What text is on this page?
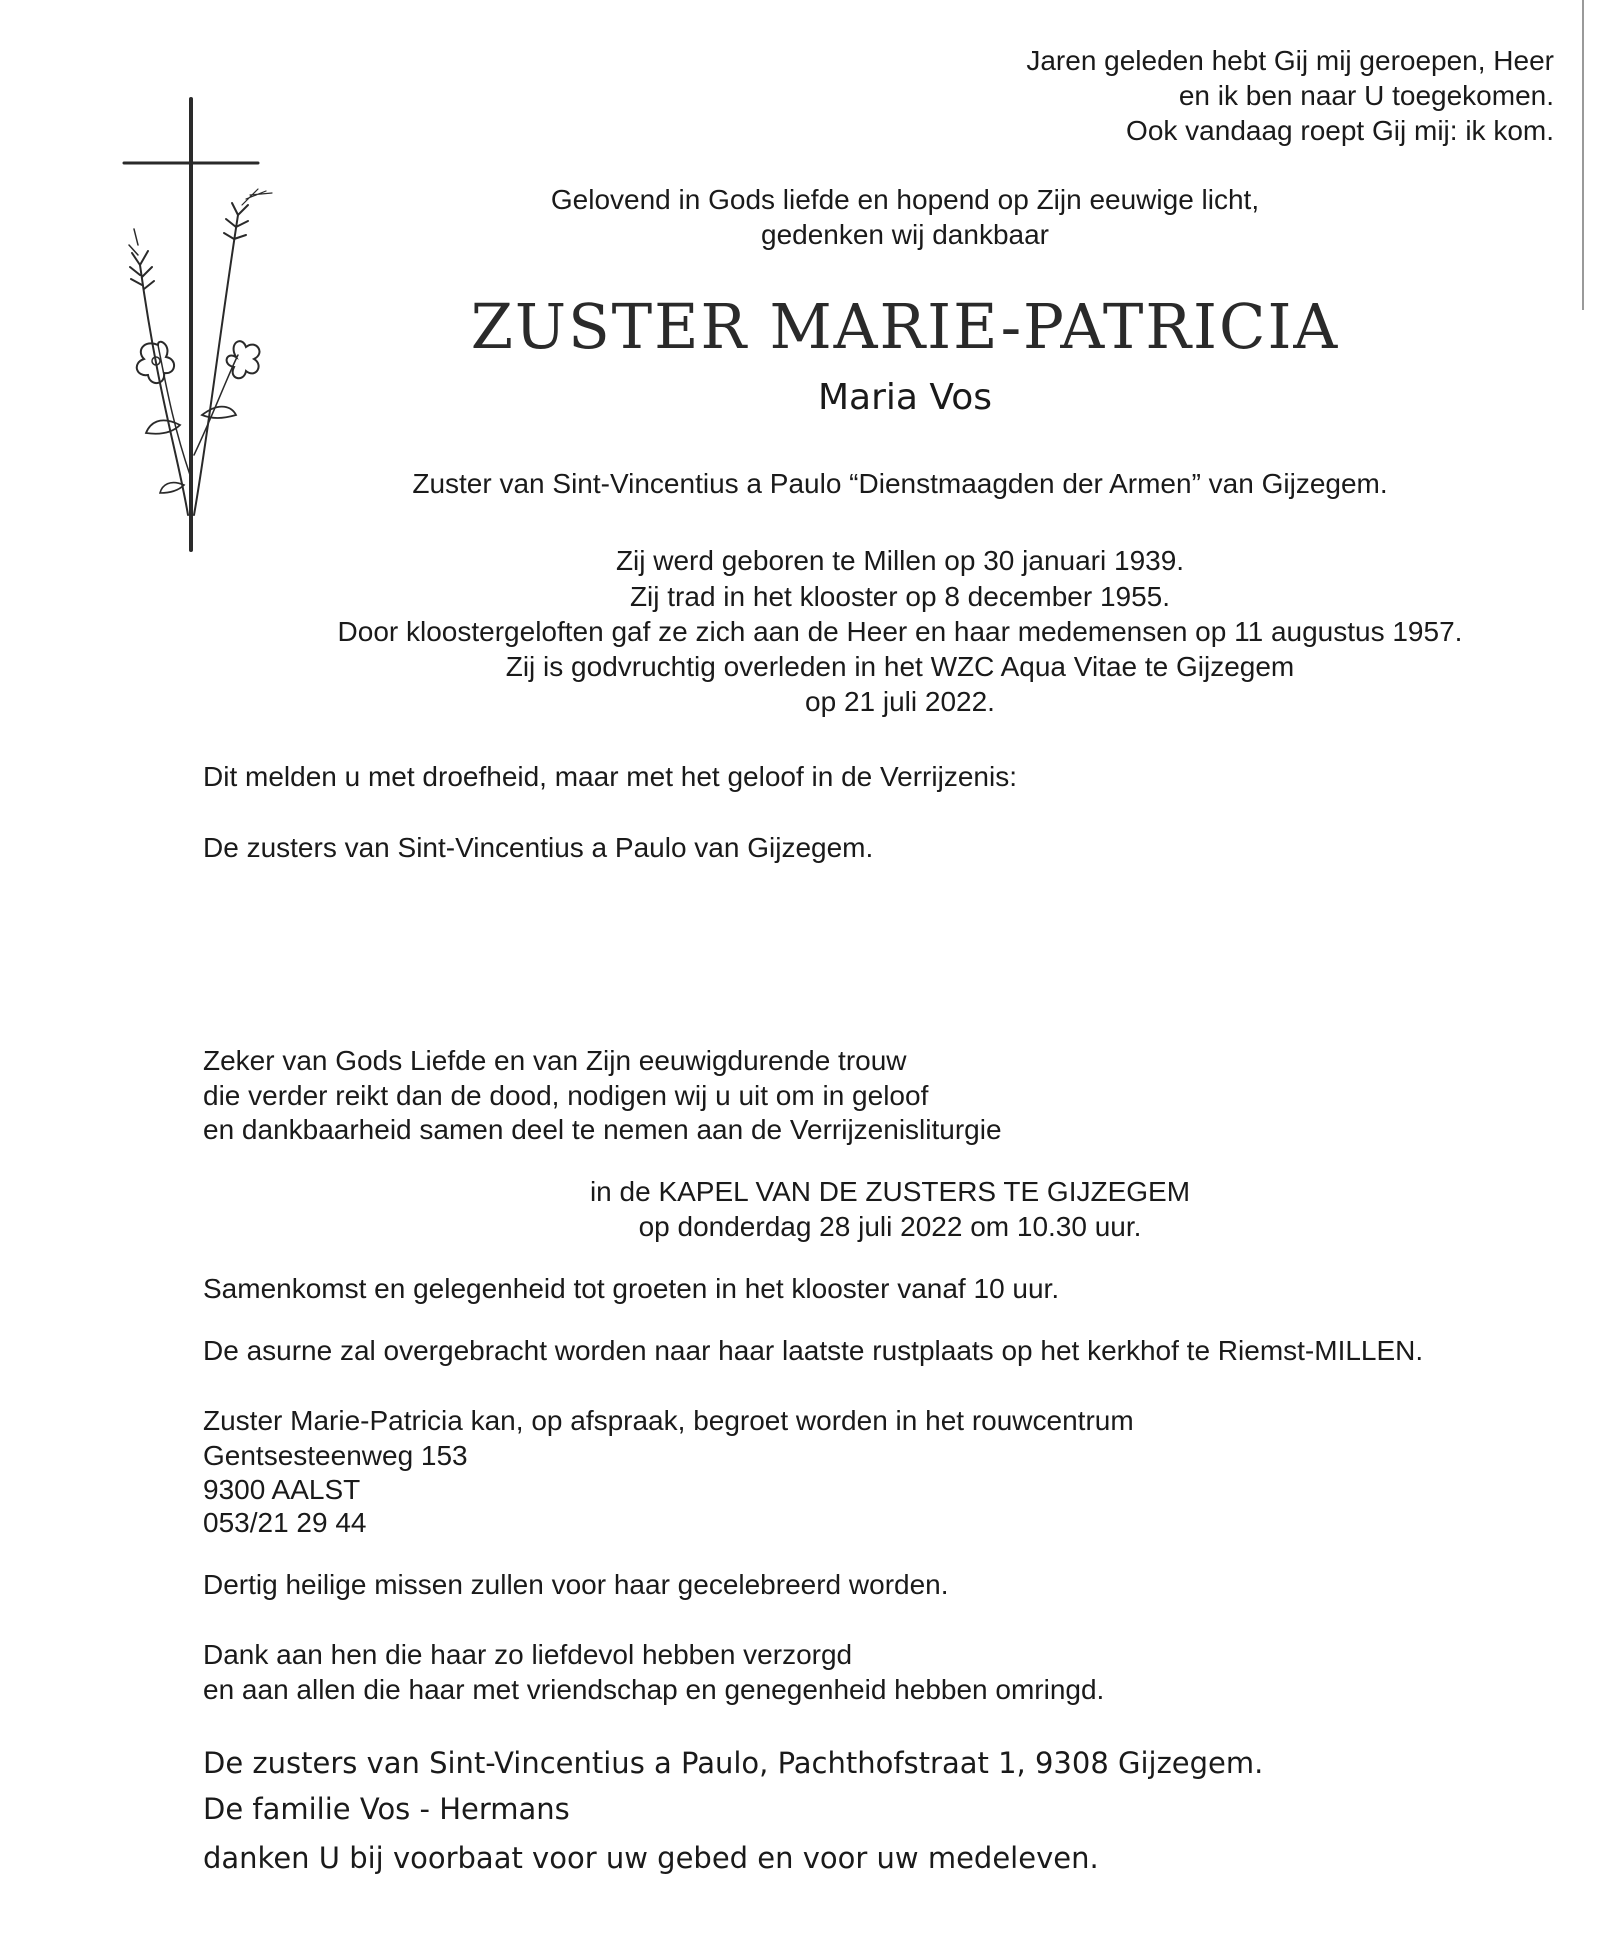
Jaren geleden hebt Gij mij geroepen, Heer
en ik ben naar U toegekomen.
Ook vandaag roept Gij mij: ik kom.
Gelovend in Gods liefde en hopend op Zijn eeuwige licht,
gedenken wij dankbaar
ZUSTER MARIE-PATRICIA
Maria Vos
Zuster van Sint-Vincentius a Paulo “Dienstmaagden der Armen” van Gijzegem.
Zij werd geboren te Millen op 30 januari 1939.
Zij trad in het klooster op 8 december 1955.
Door kloostergeloften gaf ze zich aan de Heer en haar medemensen op 11 augustus 1957.
Zij is godvruchtig overleden in het WZC Aqua Vitae te Gijzegem
op 21 juli 2022.
Dit melden u met droefheid, maar met het geloof in de Verrijzenis:
De zusters van Sint-Vincentius a Paulo van Gijzegem.
Zeker van Gods Liefde en van Zijn eeuwigdurende trouw
die verder reikt dan de dood, nodigen wij u uit om in geloof
en dankbaarheid samen deel te nemen aan de Verrijzenisliturgie
in de KAPEL VAN DE ZUSTERS TE GIJZEGEM
op donderdag 28 juli 2022 om 10.30 uur.
Samenkomst en gelegenheid tot groeten in het klooster vanaf 10 uur.
De asurne zal overgebracht worden naar haar laatste rustplaats op het kerkhof te Riemst-MILLEN.
Zuster Marie-Patricia kan, op afspraak, begroet worden in het rouwcentrum
Gentsesteenweg 153
9300 AALST
053/21 29 44
Dertig heilige missen zullen voor haar gecelebreerd worden.
Dank aan hen die haar zo liefdevol hebben verzorgd
en aan allen die haar met vriendschap en genegenheid hebben omringd.
De zusters van Sint-Vincentius a Paulo, Pachthofstraat 1, 9308 Gijzegem.
De familie Vos - Hermans
danken U bij voorbaat voor uw gebed en voor uw medeleven.
